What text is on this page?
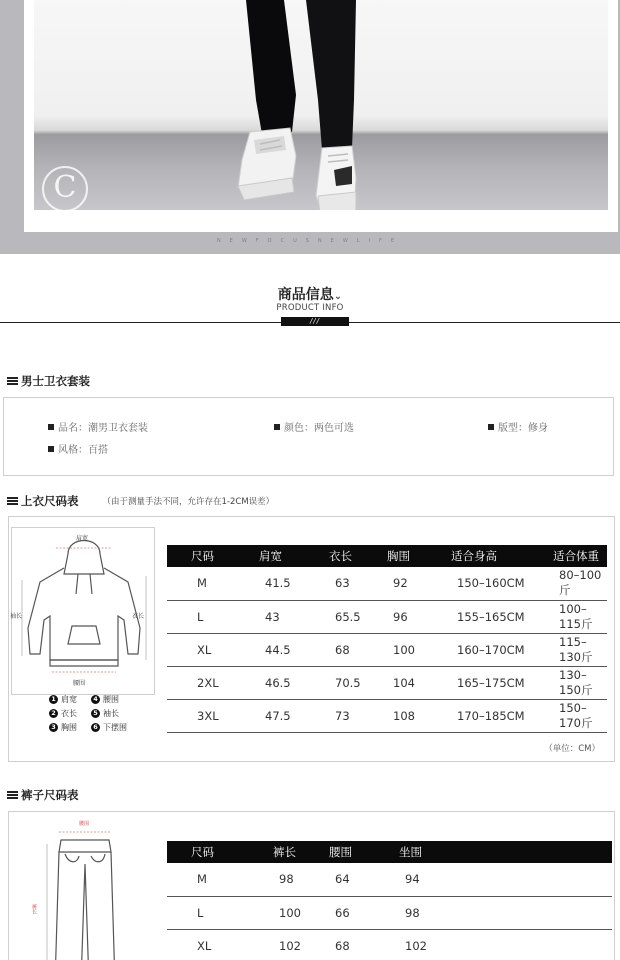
C
NEWFOCUSNEWLIFE
商品信息⌄
PRODUCT INFO
///
男士卫衣套装
品名： 潮男卫衣套装	颜色： 两色可选	版型： 修身
风格： 百搭
上衣尺码表	（由于测量手法不同，允许存在1-2CM误差）
肩宽
袖长	衣长
腰围
1 肩宽	4 腰围
2 衣长	5 袖长
3 胸围	6 下摆围
尺码	肩宽	衣长	胸围	适合身高	适合体重
M	41.5	63	92	150–160CM	80–100斤
L	43	65.5	96	155–165CM	100–115斤
XL	44.5	68	100	160–170CM	115–130斤
2XL	46.5	70.5	104	165–175CM	130–150斤
3XL	47.5	73	108	170–185CM	150–170斤
（单位：CM）
裤子尺码表
腰围
裤长
尺码	裤长	腰围	坐围
M	98	64	94
L	100	66	98
XL	102	68	102
